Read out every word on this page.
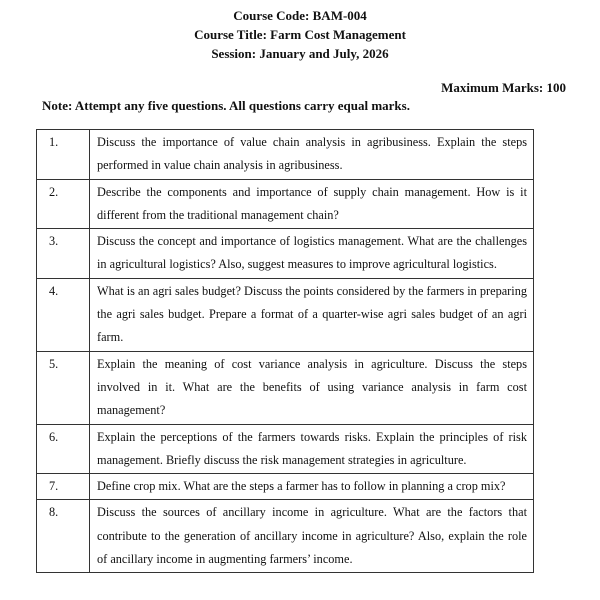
Course Code: BAM-004
Course Title: Farm Cost Management
Session: January and July, 2026
Maximum Marks: 100
Note: Attempt any five questions. All questions carry equal marks.
1.	Discuss the importance of value chain analysis in agribusiness. Explain the steps performed in value chain analysis in agribusiness.
2.	Describe the components and importance of supply chain management. How is it different from the traditional management chain?
3.	Discuss the concept and importance of logistics management. What are the challenges in agricultural logistics? Also, suggest measures to improve agricultural logistics.
4.	What is an agri sales budget? Discuss the points considered by the farmers in preparing the agri sales budget. Prepare a format of a quarter-wise agri sales budget of an agri farm.
5.	Explain the meaning of cost variance analysis in agriculture. Discuss the steps involved in it. What are the benefits of using variance analysis in farm cost management?
6.	Explain the perceptions of the farmers towards risks. Explain the principles of risk management. Briefly discuss the risk management strategies in agriculture.
7.	Define crop mix. What are the steps a farmer has to follow in planning a crop mix?
8.	Discuss the sources of ancillary income in agriculture. What are the factors that contribute to the generation of ancillary income in agriculture? Also, explain the role of ancillary income in augmenting farmers’ income.
